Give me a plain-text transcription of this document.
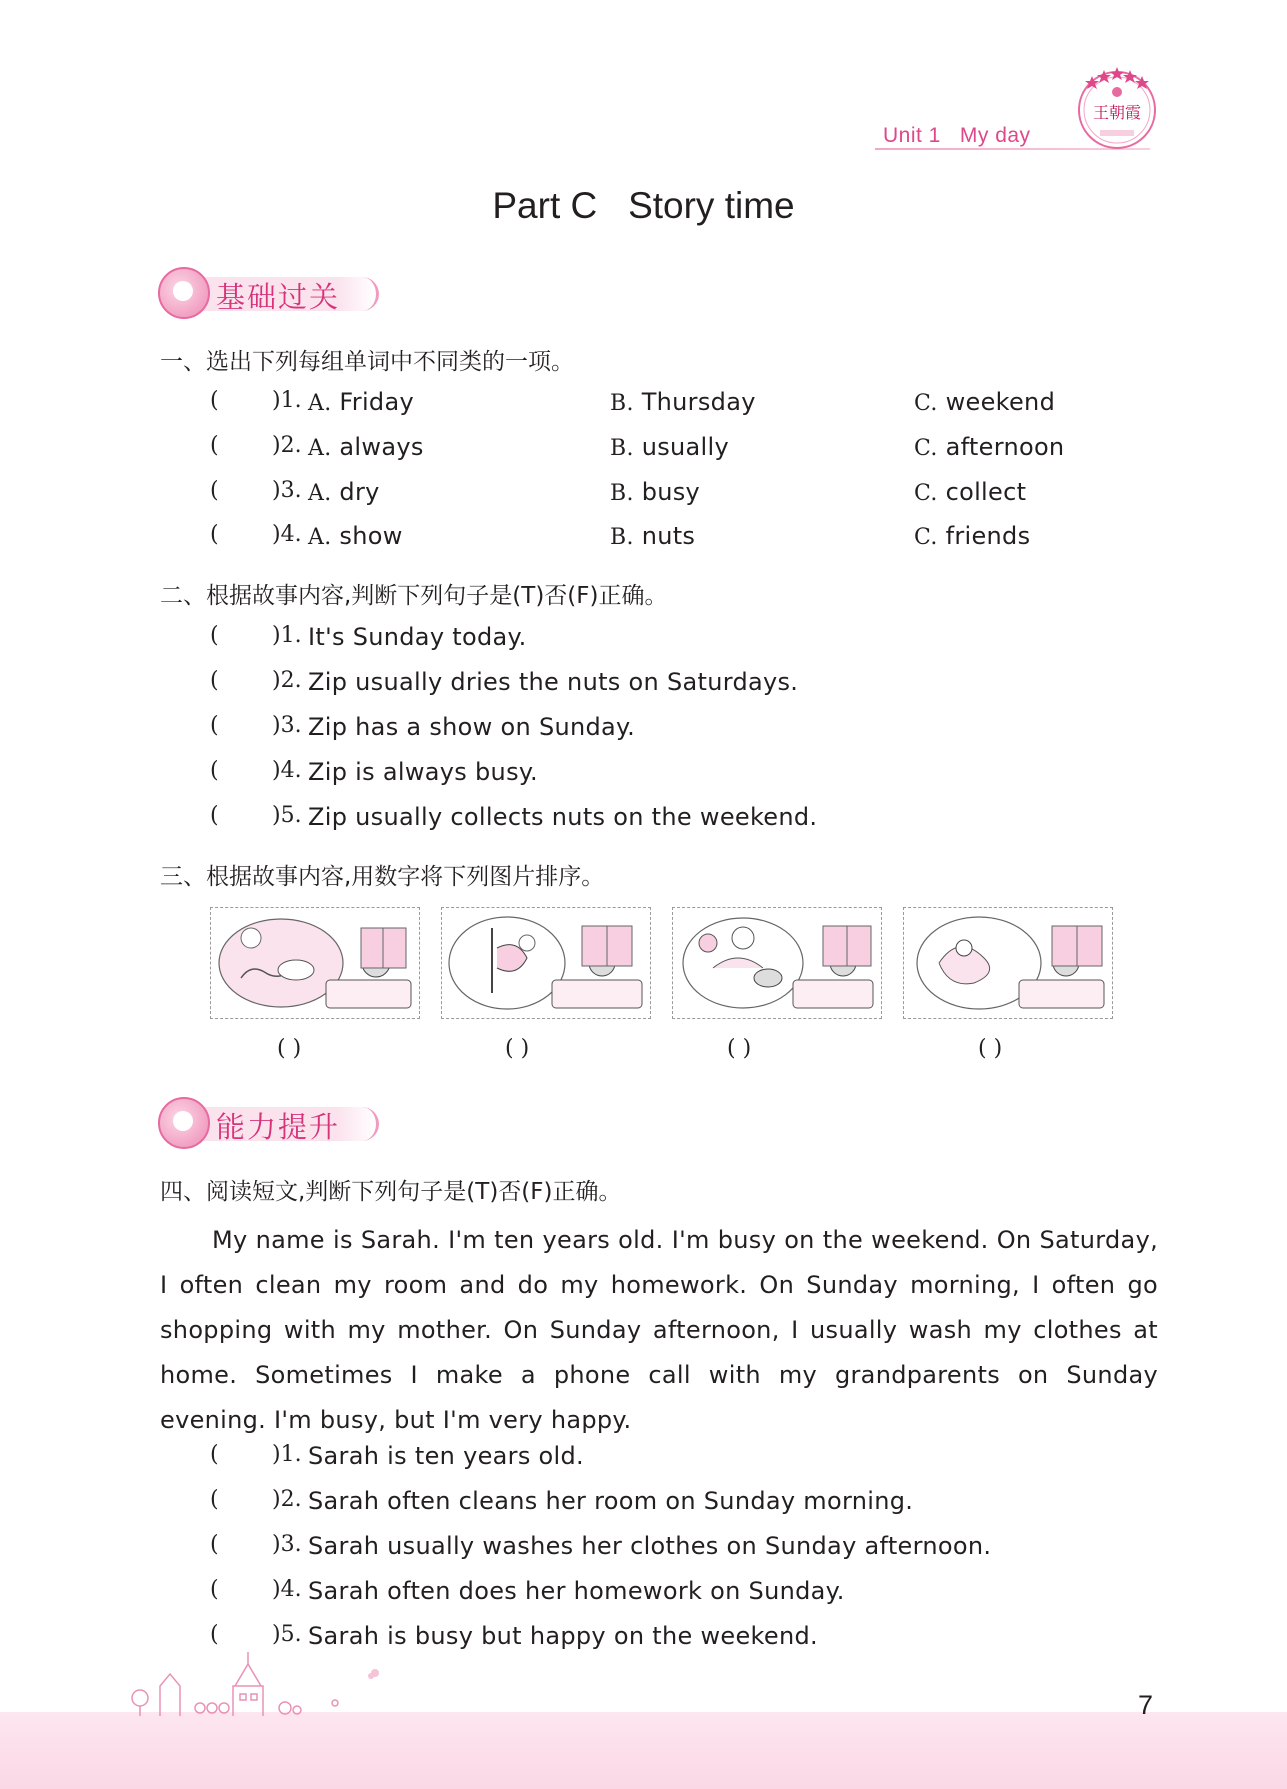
Unit 1 My day
王朝霞
Part C   Story time
基础过关
一、选出下列每组单词中不同类的一项。
( )1. A. Friday	B. Thursday	C. weekend
( )2. A. always	B. usually	C. afternoon
( )3. A. dry	B. busy	C. collect
( )4. A. show	B. nuts	C. friends
二、根据故事内容,判断下列句子是(T)否(F)正确。
( )1. It's Sunday today.
( )2. Zip usually dries the nuts on Saturdays.
( )3. Zip has a show on Sunday.
( )4. Zip is always busy.
( )5. Zip usually collects nuts on the weekend.
三、根据故事内容,用数字将下列图片排序。
( )	( )	( )	( )
能力提升
四、阅读短文,判断下列句子是(T)否(F)正确。
My name is Sarah. I'm ten years old. I'm busy on the weekend. On Saturday, I often clean my room and do my homework. On Sunday morning, I often go shopping with my mother. On Sunday afternoon, I usually wash my clothes at home. Sometimes I make a phone call with my grandparents on Sunday evening. I'm busy, but I'm very happy.
( )1. Sarah is ten years old.
( )2. Sarah often cleans her room on Sunday morning.
( )3. Sarah usually washes her clothes on Sunday afternoon.
( )4. Sarah often does her homework on Sunday.
( )5. Sarah is busy but happy on the weekend.
7
